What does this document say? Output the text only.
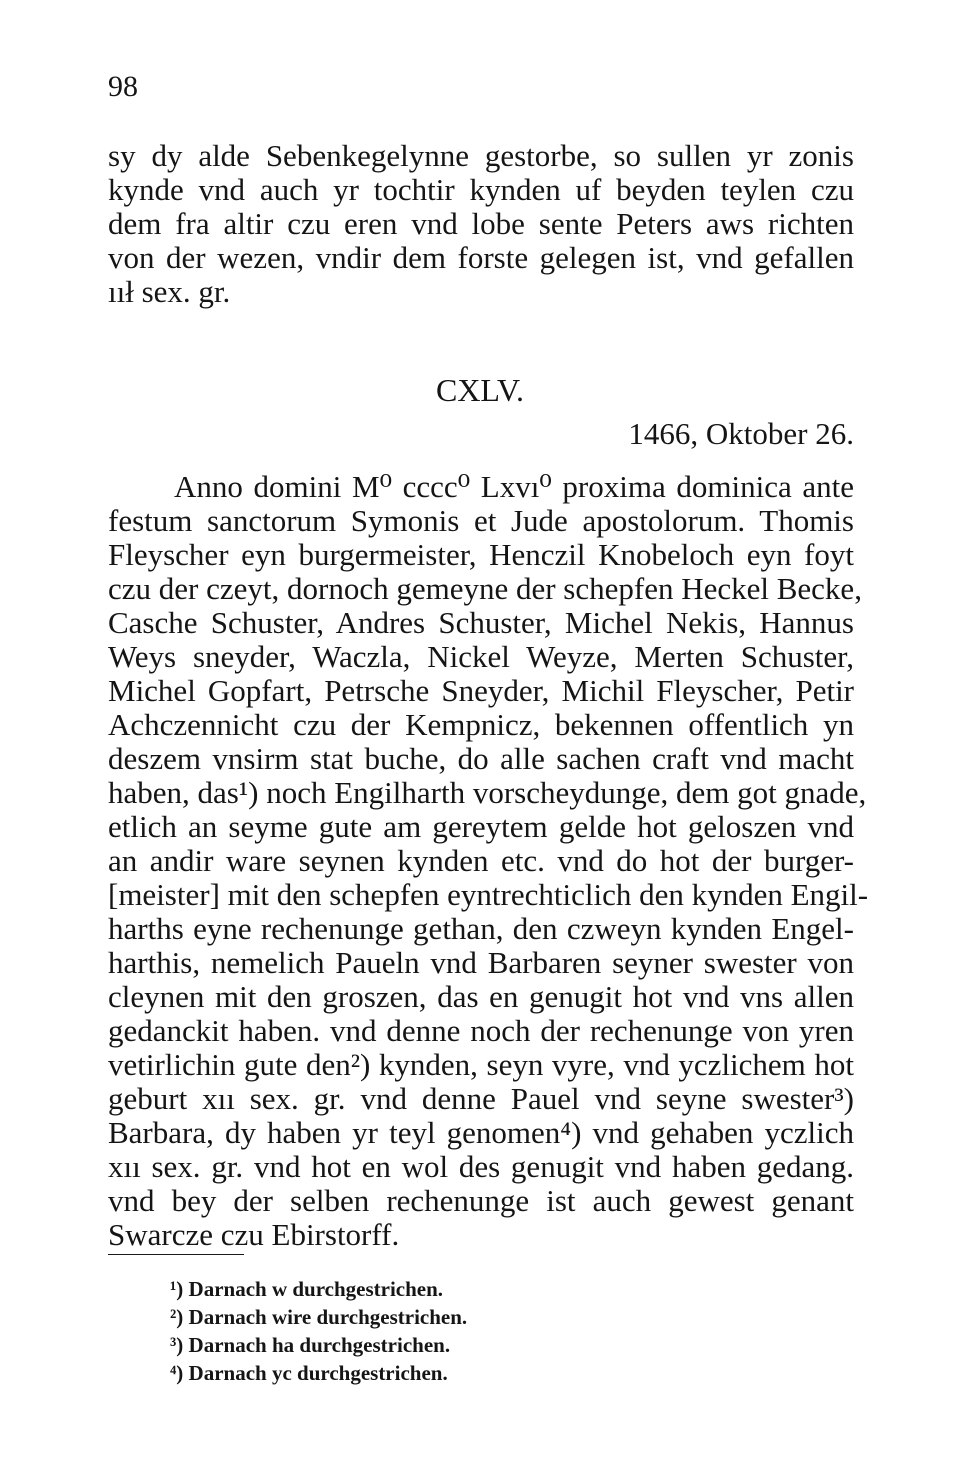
98
sy dy alde Sebenkegelynne gestorbe, so sullen yr zonis
kynde vnd auch yr tochtir kynden uf beyden teylen czu
dem fra altir czu eren vnd lobe sente Peters aws richten
von der wezen, vndir dem forste gelegen ist, vnd gefallen
ııł sex. gr.
CXLV.
1466, Oktober 26.
Anno domini M⁰ cccc⁰ Lxvı⁰ proxima dominica ante
festum sanctorum Symonis et Jude apostolorum. Thomis
Fleyscher eyn burgermeister, Henczil Knobeloch eyn foyt
czu der czeyt, dornoch gemeyne der schepfen Heckel Becke,
Casche Schuster, Andres Schuster, Michel Nekis, Hannus
Weys sneyder, Waczla, Nickel Weyze, Merten Schuster,
Michel Gopfart, Petrsche Sneyder, Michil Fleyscher, Petir
Achczennicht czu der Kempnicz, bekennen offentlich yn
deszem vnsirm stat buche, do alle sachen craft vnd macht
haben, das¹) noch Engilharth vorscheydunge, dem got gnade,
etlich an seyme gute am gereytem gelde hot geloszen vnd
an andir ware seynen kynden etc. vnd do hot der burger-
[meister] mit den schepfen eyntrechticlich den kynden Engil-
harths eyne rechenunge gethan, den czweyn kynden Engel-
harthis, nemelich Paueln vnd Barbaren seyner swester von
cleynen mit den groszen, das en genugit hot vnd vns allen
gedanckit haben. vnd denne noch der rechenunge von yren
vetirlichin gute den²) kynden, seyn vyre, vnd yczlichem hot
geburt xıı sex. gr. vnd denne Pauel vnd seyne swester³)
Barbara, dy haben yr teyl genomen⁴) vnd gehaben yczlich
xıı sex. gr. vnd hot en wol des genugit vnd haben gedang.
vnd bey der selben rechenunge ist auch gewest genant
Swarcze czu Ebirstorff.
¹) Darnach w durchgestrichen.
²) Darnach wire durchgestrichen.
³) Darnach ha durchgestrichen.
⁴) Darnach yc durchgestrichen.
